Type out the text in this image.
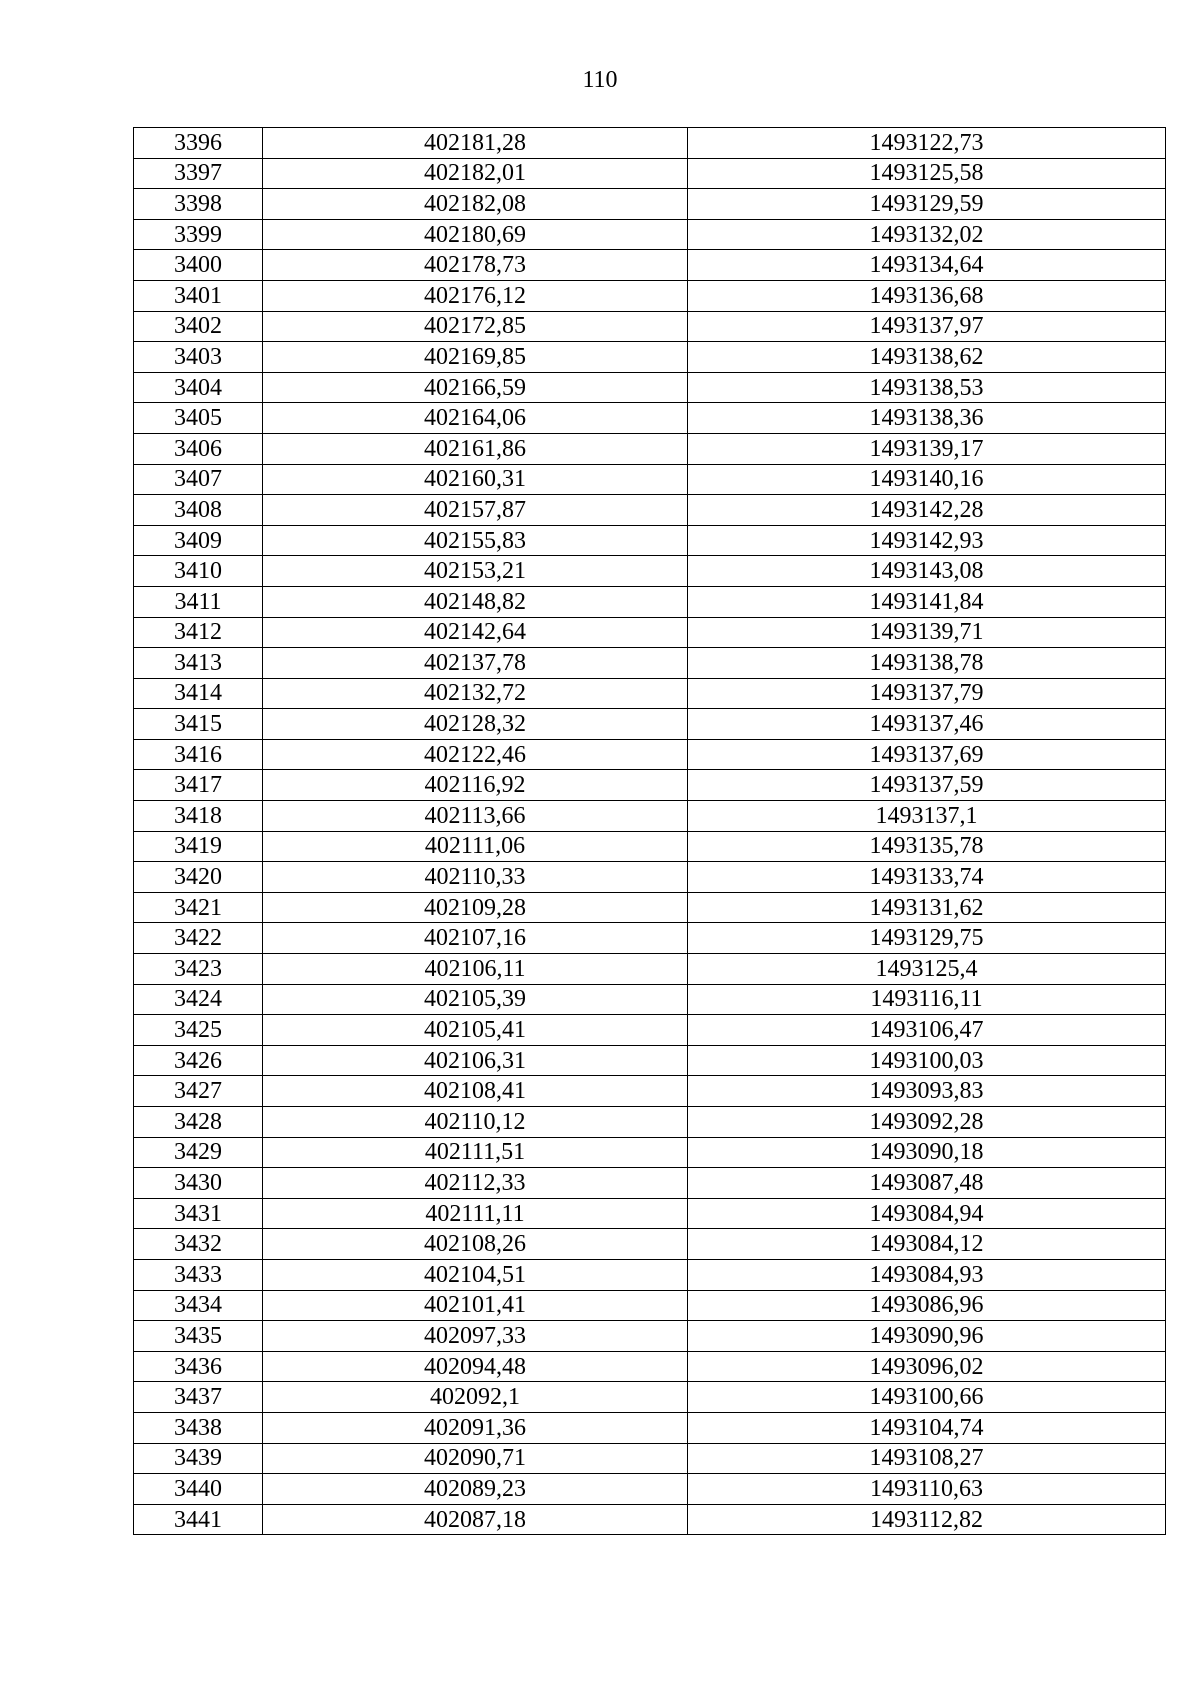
110
3396	402181,28	1493122,73
3397	402182,01	1493125,58
3398	402182,08	1493129,59
3399	402180,69	1493132,02
3400	402178,73	1493134,64
3401	402176,12	1493136,68
3402	402172,85	1493137,97
3403	402169,85	1493138,62
3404	402166,59	1493138,53
3405	402164,06	1493138,36
3406	402161,86	1493139,17
3407	402160,31	1493140,16
3408	402157,87	1493142,28
3409	402155,83	1493142,93
3410	402153,21	1493143,08
3411	402148,82	1493141,84
3412	402142,64	1493139,71
3413	402137,78	1493138,78
3414	402132,72	1493137,79
3415	402128,32	1493137,46
3416	402122,46	1493137,69
3417	402116,92	1493137,59
3418	402113,66	1493137,1
3419	402111,06	1493135,78
3420	402110,33	1493133,74
3421	402109,28	1493131,62
3422	402107,16	1493129,75
3423	402106,11	1493125,4
3424	402105,39	1493116,11
3425	402105,41	1493106,47
3426	402106,31	1493100,03
3427	402108,41	1493093,83
3428	402110,12	1493092,28
3429	402111,51	1493090,18
3430	402112,33	1493087,48
3431	402111,11	1493084,94
3432	402108,26	1493084,12
3433	402104,51	1493084,93
3434	402101,41	1493086,96
3435	402097,33	1493090,96
3436	402094,48	1493096,02
3437	402092,1	1493100,66
3438	402091,36	1493104,74
3439	402090,71	1493108,27
3440	402089,23	1493110,63
3441	402087,18	1493112,82
